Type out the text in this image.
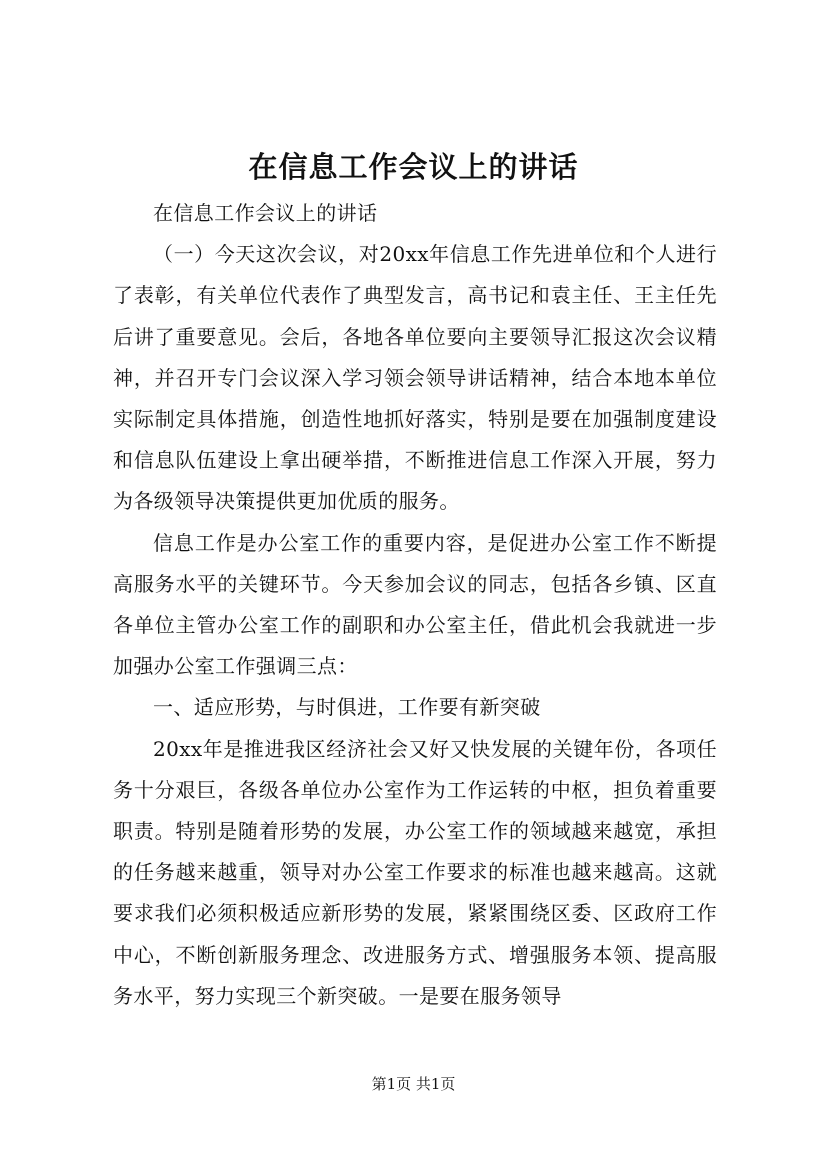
在信息工作会议上的讲话

在信息工作会议上的讲话

（一）今天这次会议，对20xx年信息工作先进单位和个人进行了表彰，有关单位代表作了典型发言，高书记和袁主任、王主任先后讲了重要意见。会后，各地各单位要向主要领导汇报这次会议精神，并召开专门会议深入学习领会领导讲话精神，结合本地本单位实际制定具体措施，创造性地抓好落实，特别是要在加强制度建设和信息队伍建设上拿出硬举措，不断推进信息工作深入开展，努力为各级领导决策提供更加优质的服务。

信息工作是办公室工作的重要内容，是促进办公室工作不断提高服务水平的关键环节。今天参加会议的同志，包括各乡镇、区直各单位主管办公室工作的副职和办公室主任，借此机会我就进一步加强办公室工作强调三点：

一、适应形势，与时俱进，工作要有新突破

20xx年是推进我区经济社会又好又快发展的关键年份，各项任务十分艰巨，各级各单位办公室作为工作运转的中枢，担负着重要职责。特别是随着形势的发展，办公室工作的领域越来越宽，承担的任务越来越重，领导对办公室工作要求的标准也越来越高。这就要求我们必须积极适应新形势的发展，紧紧围绕区委、区政府工作中心，不断创新服务理念、改进服务方式、增强服务本领、提高服务水平，努力实现三个新突破。一是要在服务领导

第1页 共1页
